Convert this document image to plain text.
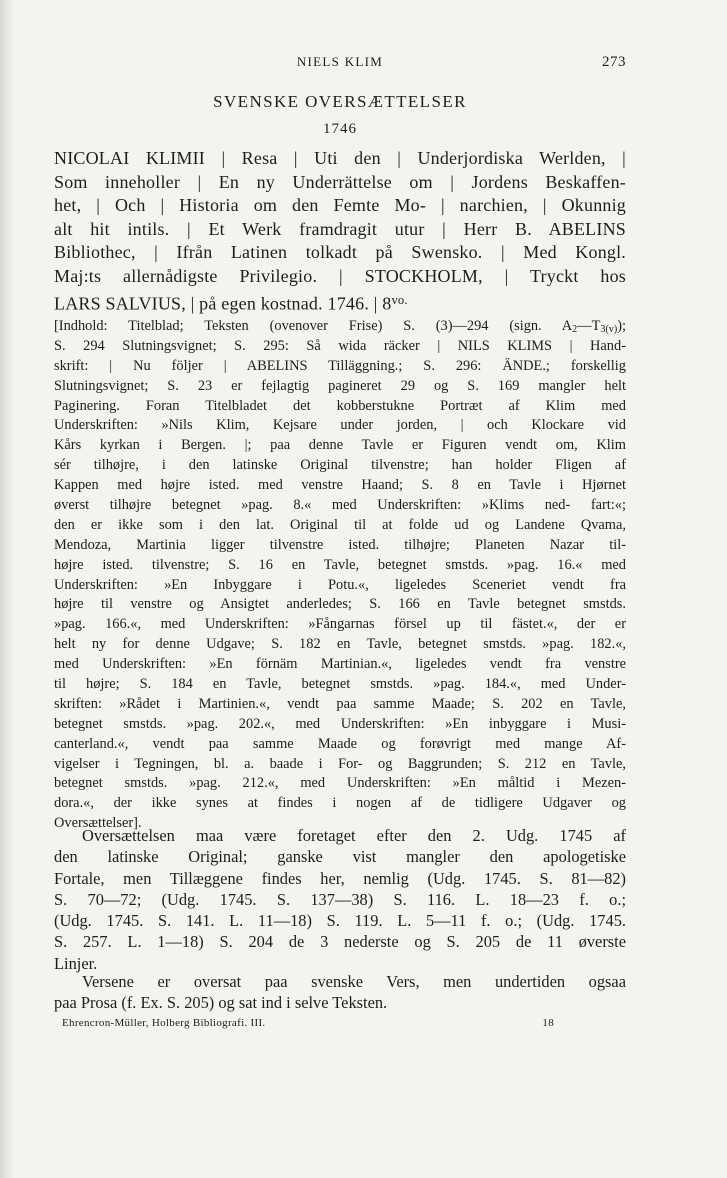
NIELS KLIM	273
SVENSKE OVERSÆTTELSER
1746
NICOLAI KLIMII | Resa | Uti den | Underjordiska Werlden, |
Som inneholler | En ny Underrättelse om | Jordens Beskaffen-
het, | Och | Historia om den Femte Mo- | narchien, | Okunnig
alt hit intils. | Et Werk framdragit utur | Herr B. ABELINS
Bibliothec, | Ifrån Latinen tolkadt på Swensko. | Med Kongl.
Maj:ts allernådigste Privilegio. | STOCKHOLM, | Tryckt hos
LARS SALVIUS, | på egen kostnad. 1746. | $8^{vo.}$
[Indhold: Titelblad; Teksten (ovenover Frise) S. (3)—294 (sign. $A_2—T_{3(v)}$);
S. 294 Slutningsvignet; S. 295: Så wida räcker | NILS KLIMS | Hand-
skrift: | Nu följer | ABELINS Tilläggning.; S. 296: ÄNDE.; forskellig
Slutningsvignet; S. 23 er fejlagtig pagineret 29 og S. 169 mangler helt
Paginering. Foran Titelbladet det kobberstukne Portræt af Klim med
Underskriften: »Nils Klim, Kejsare under jorden, | och Klockare vid
Kårs kyrkan i Bergen. |; paa denne Tavle er Figuren vendt om, Klim
sér tilhøjre, i den latinske Original tilvenstre; han holder Fligen af
Kappen med højre isted. med venstre Haand; S. 8 en Tavle i Hjørnet
øverst tilhøjre betegnet »pag. 8.« med Underskriften: »Klims ned- fart:«;
den er ikke som i den lat. Original til at folde ud og Landene Qvama,
Mendoza, Martinia ligger tilvenstre isted. tilhøjre; Planeten Nazar til-
højre isted. tilvenstre; S. 16 en Tavle, betegnet smstds. »pag. 16.« med
Underskriften: »En Inbyggare i Potu.«, ligeledes Sceneriet vendt fra
højre til venstre og Ansigtet anderledes; S. 166 en Tavle betegnet smstds.
»pag. 166.«, med Underskriften: »Fångarnas försel up til fästet.«, der er
helt ny for denne Udgave; S. 182 en Tavle, betegnet smstds. »pag. 182.«,
med Underskriften: »En förnäm Martinian.«, ligeledes vendt fra venstre
til højre; S. 184 en Tavle, betegnet smstds. »pag. 184.«, med Under-
skriften: »Rådet i Martinien.«, vendt paa samme Maade; S. 202 en Tavle,
betegnet smstds. »pag. 202.«, med Underskriften: »En inbyggare i Musi-
canterland.«, vendt paa samme Maade og forøvrigt med mange Af-
vigelser i Tegningen, bl. a. baade i For- og Baggrunden; S. 212 en Tavle,
betegnet smstds. »pag. 212.«, med Underskriften: »En måltid i Mezen-
dora.«, der ikke synes at findes i nogen af de tidligere Udgaver og
Oversættelser].
Oversættelsen maa være foretaget efter den 2. Udg. 1745 af
den latinske Original; ganske vist mangler den apologetiske
Fortale, men Tillæggene findes her, nemlig (Udg. 1745. S. 81—82)
S. 70—72; (Udg. 1745. S. 137—38) S. 116. L. 18—23 f. o.;
(Udg. 1745. S. 141. L. 11—18) S. 119. L. 5—11 f. o.; (Udg. 1745.
S. 257. L. 1—18) S. 204 de 3 nederste og S. 205 de 11 øverste
Linjer.
Versene er oversat paa svenske Vers, men undertiden ogsaa
paa Prosa (f. Ex. S. 205) og sat ind i selve Teksten.
Ehrencron-Müller, Holberg Bibliografi. III.	18
